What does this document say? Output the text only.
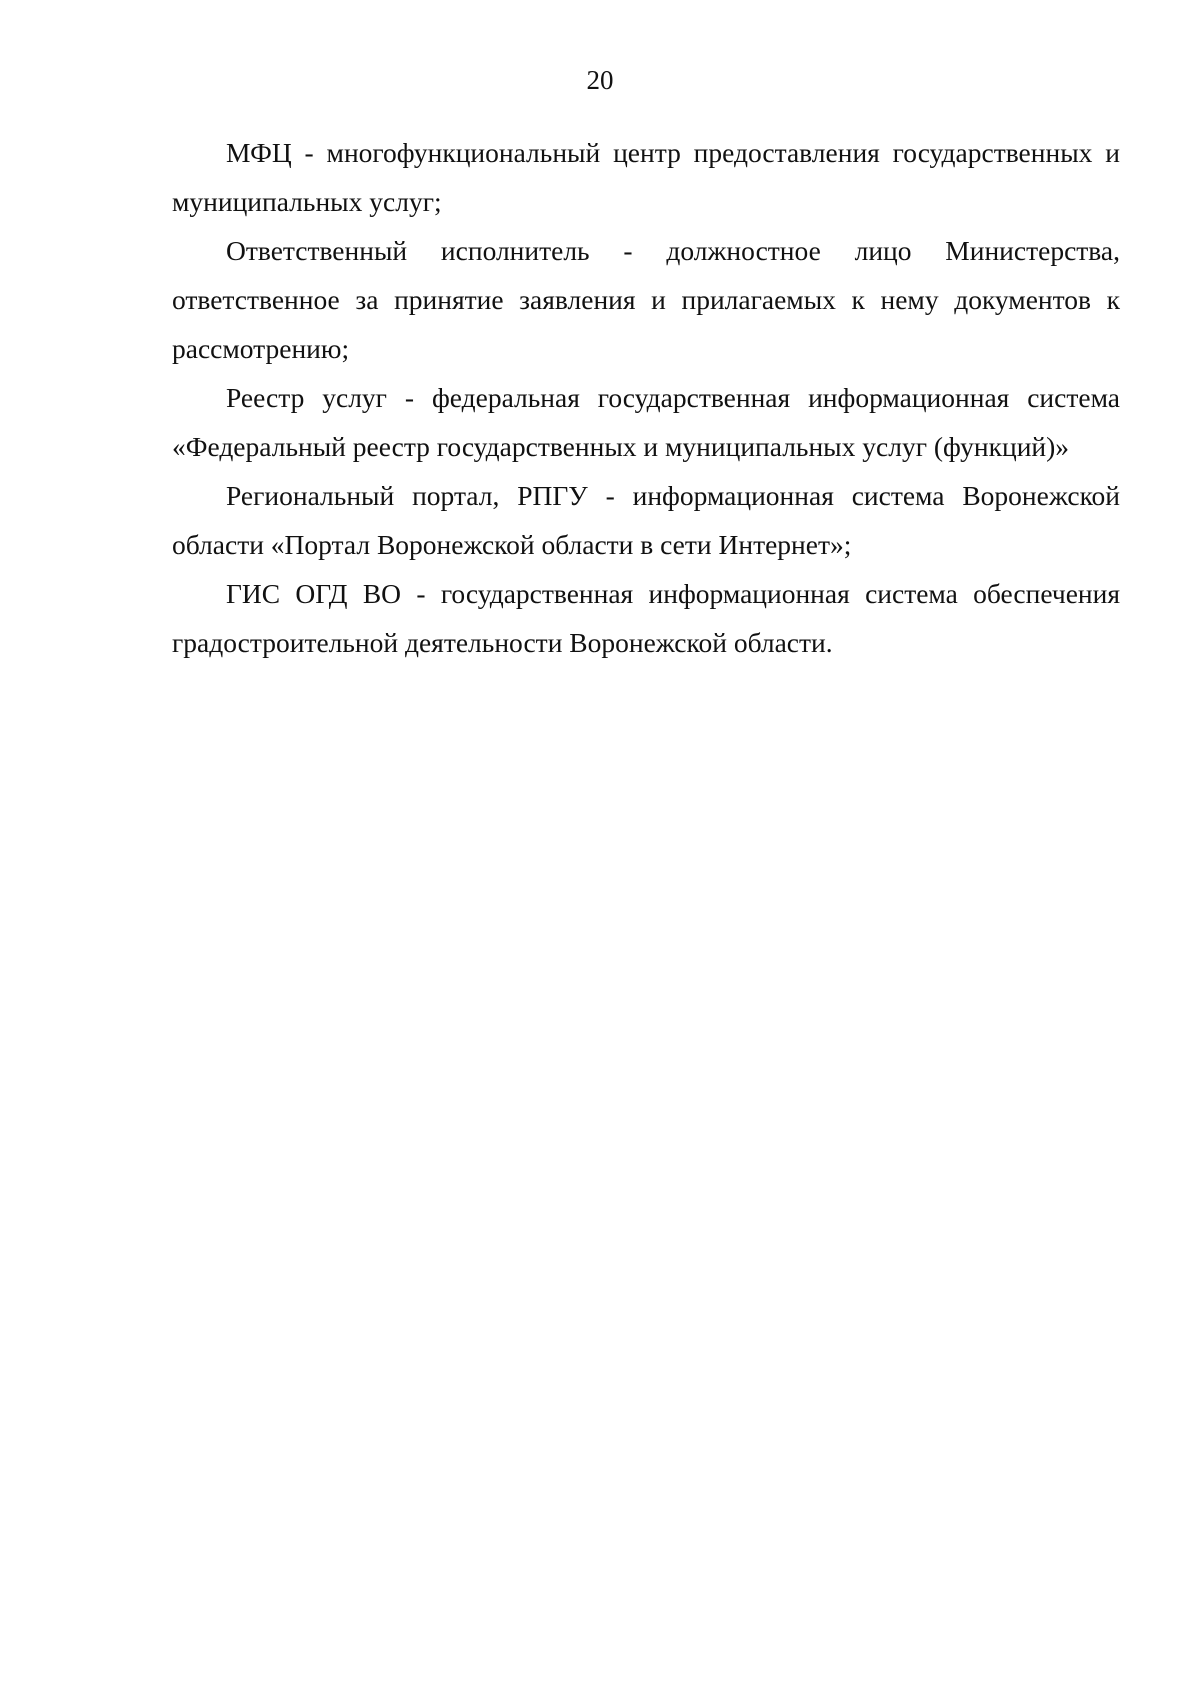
20

МФЦ - многофункциональный центр предоставления государственных и муниципальных услуг;

Ответственный исполнитель - должностное лицо Министерства, ответственное за принятие заявления и прилагаемых к нему документов к рассмотрению;

Реестр услуг - федеральная государственная информационная система «Федеральный реестр государственных и муниципальных услуг (функций)»

Региональный портал, РПГУ - информационная система Воронежской области «Портал Воронежской области в сети Интернет»;

ГИС ОГД ВО - государственная информационная система обеспечения градостроительной деятельности Воронежской области.
